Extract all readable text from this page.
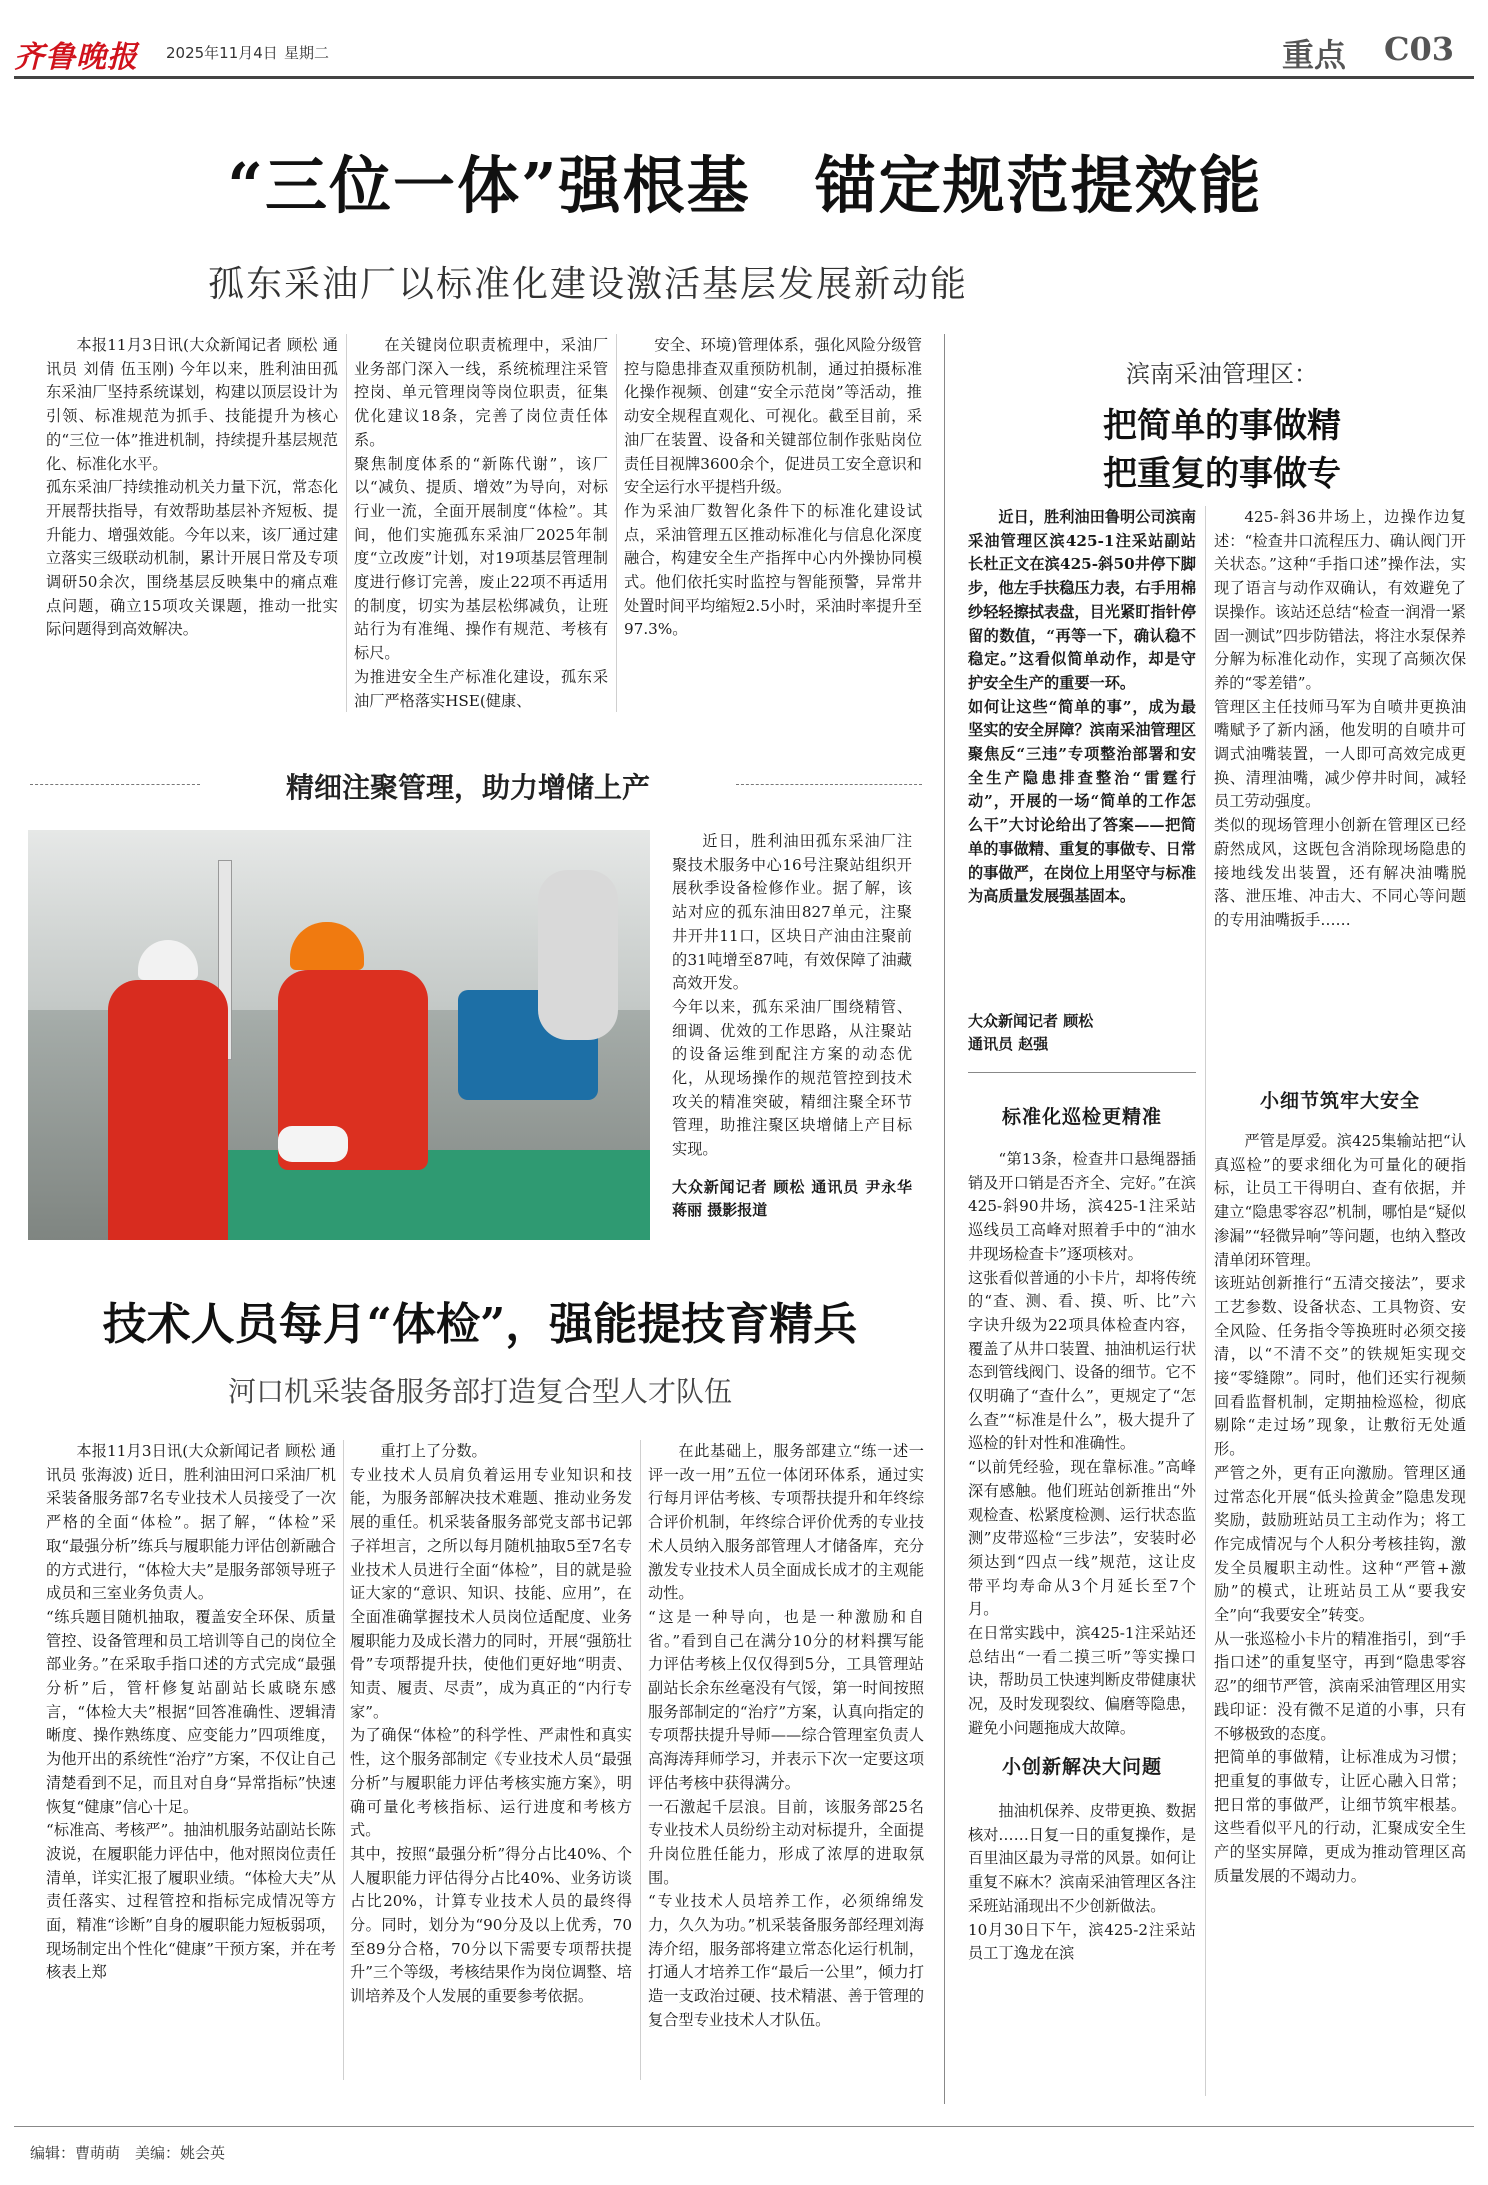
齐鲁晚报 2025年11月4日 星期二	重点 C03
“三位一体”强根基　锚定规范提效能
孤东采油厂以标准化建设激活基层发展新动能
本报11月3日讯(大众新闻记者 顾松 通讯员 刘倩 伍玉刚) 今年以来，胜利油田孤东采油厂坚持系统谋划，构建以顶层设计为引领、标准规范为抓手、技能提升为核心的“三位一体”推进机制，持续提升基层规范化、标准化水平。
孤东采油厂持续推动机关力量下沉，常态化开展帮扶指导，有效帮助基层补齐短板、提升能力、增强效能。今年以来，该厂通过建立落实三级联动机制，累计开展日常及专项调研50余次，围绕基层反映集中的痛点难点问题，确立15项攻关课题，推动一批实际问题得到高效解决。
在关键岗位职责梳理中，采油厂业务部门深入一线，系统梳理注采管控岗、单元管理岗等岗位职责，征集优化建议18条，完善了岗位责任体系。
聚焦制度体系的“新陈代谢”，该厂以“减负、提质、增效”为导向，对标行业一流，全面开展制度“体检”。其间，他们实施孤东采油厂2025年制度“立改废”计划，对19项基层管理制度进行修订完善，废止22项不再适用的制度，切实为基层松绑减负，让班站行为有准绳、操作有规范、考核有标尺。
为推进安全生产标准化建设，孤东采油厂严格落实HSE(健康、
安全、环境)管理体系，强化风险分级管控与隐患排查双重预防机制，通过拍摄标准化操作视频、创建“安全示范岗”等活动，推动安全规程直观化、可视化。截至目前，采油厂在装置、设备和关键部位制作张贴岗位责任目视牌3600余个，促进员工安全意识和安全运行水平提档升级。
作为采油厂数智化条件下的标准化建设试点，采油管理五区推动标准化与信息化深度融合，构建安全生产指挥中心内外操协同模式。他们依托实时监控与智能预警，异常井处置时间平均缩短2.5小时，采油时率提升至97.3%。
精细注聚管理，助力增储上产
近日，胜利油田孤东采油厂注聚技术服务中心16号注聚站组织开展秋季设备检修作业。据了解，该站对应的孤东油田827单元，注聚井开井11口，区块日产油由注聚前的31吨增至87吨，有效保障了油藏高效开发。
今年以来，孤东采油厂围绕精管、细调、优效的工作思路，从注聚站的设备运维到配注方案的动态优化，从现场操作的规范管控到技术攻关的精准突破，精细注聚全环节管理，助推注聚区块增储上产目标实现。
大众新闻记者 顾松 通讯员 尹永华 蒋丽 摄影报道
技术人员每月“体检”，强能提技育精兵
河口机采装备服务部打造复合型人才队伍
本报11月3日讯(大众新闻记者 顾松 通讯员 张海波) 近日，胜利油田河口采油厂机采装备服务部7名专业技术人员接受了一次严格的全面“体检”。据了解，“体检”采取“最强分析”练兵与履职能力评估创新融合的方式进行，“体检大夫”是服务部领导班子成员和三室业务负责人。
“练兵题目随机抽取，覆盖安全环保、质量管控、设备管理和员工培训等自己的岗位全部业务。”在采取手指口述的方式完成“最强分析”后，管杆修复站副站长戚晓东感言，“体检大夫”根据“回答准确性、逻辑清晰度、操作熟练度、应变能力”四项维度，为他开出的系统性“治疗”方案，不仅让自己清楚看到不足，而且对自身“异常指标”快速恢复“健康”信心十足。
“标准高、考核严”。抽油机服务站副站长陈波说，在履职能力评估中，他对照岗位责任清单，详实汇报了履职业绩。“体检大夫”从责任落实、过程管控和指标完成情况等方面，精准“诊断”自身的履职能力短板弱项，现场制定出个性化“健康”干预方案，并在考核表上郑
重打上了分数。
专业技术人员肩负着运用专业知识和技能，为服务部解决技术难题、推动业务发展的重任。机采装备服务部党支部书记郭子祥坦言，之所以每月随机抽取5至7名专业技术人员进行全面“体检”，目的就是验证大家的“意识、知识、技能、应用”，在全面准确掌握技术人员岗位适配度、业务履职能力及成长潜力的同时，开展“强筋壮骨”专项帮提升扶，使他们更好地“明责、知责、履责、尽责”，成为真正的“内行专家”。
为了确保“体检”的科学性、严肃性和真实性，这个服务部制定《专业技术人员“最强分析”与履职能力评估考核实施方案》，明确可量化考核指标、运行进度和考核方式。
其中，按照“最强分析”得分占比40%、个人履职能力评估得分占比40%、业务访谈占比20%，计算专业技术人员的最终得分。同时，划分为“90分及以上优秀，70至89分合格，70分以下需要专项帮扶提升”三个等级，考核结果作为岗位调整、培训培养及个人发展的重要参考依据。
在此基础上，服务部建立“练一述一评一改一用”五位一体闭环体系，通过实行每月评估考核、专项帮扶提升和年终综合评价机制，年终综合评价优秀的专业技术人员纳入服务部管理人才储备库，充分激发专业技术人员全面成长成才的主观能动性。
“这是一种导向，也是一种激励和自省。”看到自己在满分10分的材料撰写能力评估考核上仅仅得到5分，工具管理站副站长余东丝毫没有气馁，第一时间按照服务部制定的“治疗”方案，认真向指定的专项帮扶提升导师——综合管理室负责人高海涛拜师学习，并表示下次一定要这项评估考核中获得满分。
一石激起千层浪。目前，该服务部25名专业技术人员纷纷主动对标提升，全面提升岗位胜任能力，形成了浓厚的进取氛围。
“专业技术人员培养工作，必须绵绵发力，久久为功。”机采装备服务部经理刘海涛介绍，服务部将建立常态化运行机制，打通人才培养工作“最后一公里”，倾力打造一支政治过硬、技术精湛、善于管理的复合型专业技术人才队伍。
滨南采油管理区：
把简单的事做精
把重复的事做专
近日，胜利油田鲁明公司滨南采油管理区滨425-1注采站副站长杜正文在滨425-斜50井停下脚步，他左手扶稳压力表，右手用棉纱轻轻擦拭表盘，目光紧盯指针停留的数值，“再等一下，确认稳不稳定。”这看似简单动作，却是守护安全生产的重要一环。
如何让这些“简单的事”，成为最坚实的安全屏障？滨南采油管理区聚焦反“三违”专项整治部署和安全生产隐患排查整治“雷霆行动”，开展的一场“简单的工作怎么干”大讨论给出了答案——把简单的事做精、重复的事做专、日常的事做严，在岗位上用坚守与标准为高质量发展强基固本。
大众新闻记者 顾松
通讯员 赵强
标准化巡检更精准
“第13条，检查井口悬绳器插销及开口销是否齐全、完好。”在滨425-斜90井场，滨425-1注采站巡线员工高峰对照着手中的“油水井现场检查卡”逐项核对。
这张看似普通的小卡片，却将传统的“查、测、看、摸、听、比”六字诀升级为22项具体检查内容，覆盖了从井口装置、抽油机运行状态到管线阀门、设备的细节。它不仅明确了“查什么”，更规定了“怎么查”“标准是什么”，极大提升了巡检的针对性和准确性。
“以前凭经验，现在靠标准。”高峰深有感触。他们班站创新推出“外观检查、松紧度检测、运行状态监测”皮带巡检“三步法”，安装时必须达到“四点一线”规范，这让皮带平均寿命从3个月延长至7个月。
在日常实践中，滨425-1注采站还总结出“一看二摸三听”等实操口诀，帮助员工快速判断皮带健康状况，及时发现裂纹、偏磨等隐患，避免小问题拖成大故障。
小创新解决大问题
抽油机保养、皮带更换、数据核对……日复一日的重复操作，是百里油区最为寻常的风景。如何让重复不麻木？滨南采油管理区各注采班站涌现出不少创新做法。
10月30日下午，滨425-2注采站员工丁逸龙在滨
425-斜36井场上，边操作边复述：“检查井口流程压力、确认阀门开关状态。”这种“手指口述”操作法，实现了语言与动作双确认，有效避免了误操作。该站还总结“检查一润滑一紧固一测试”四步防错法，将注水泵保养分解为标准化动作，实现了高频次保养的“零差错”。
管理区主任技师马军为自喷井更换油嘴赋予了新内涵，他发明的自喷井可调式油嘴装置，一人即可高效完成更换、清理油嘴，减少停井时间，减轻员工劳动强度。
类似的现场管理小创新在管理区已经蔚然成风，这既包含消除现场隐患的接地线发出装置，还有解决油嘴脱落、泄压堆、冲击大、不同心等问题的专用油嘴扳手……
小细节筑牢大安全
严管是厚爱。滨425集输站把“认真巡检”的要求细化为可量化的硬指标，让员工干得明白、查有依据，并建立“隐患零容忍”机制，哪怕是“疑似渗漏”“轻微异响”等问题，也纳入整改清单闭环管理。
该班站创新推行“五清交接法”，要求工艺参数、设备状态、工具物资、安全风险、任务指令等换班时必须交接清，以“不清不交”的铁规矩实现交接“零缝隙”。同时，他们还实行视频回看监督机制，定期抽检巡检，彻底剔除“走过场”现象，让敷衍无处遁形。
严管之外，更有正向激励。管理区通过常态化开展“低头捡黄金”隐患发现奖励，鼓励班站员工主动作为；将工作完成情况与个人积分考核挂钩，激发全员履职主动性。这种“严管+激励”的模式，让班站员工从“要我安全”向“我要安全”转变。
从一张巡检小卡片的精准指引，到“手指口述”的重复坚守，再到“隐患零容忍”的细节严管，滨南采油管理区用实践印证：没有微不足道的小事，只有不够极致的态度。
把简单的事做精，让标准成为习惯；把重复的事做专，让匠心融入日常；把日常的事做严，让细节筑牢根基。这些看似平凡的行动，汇聚成安全生产的坚实屏障，更成为推动管理区高质量发展的不竭动力。
编辑：曹萌萌　美编：姚会英
